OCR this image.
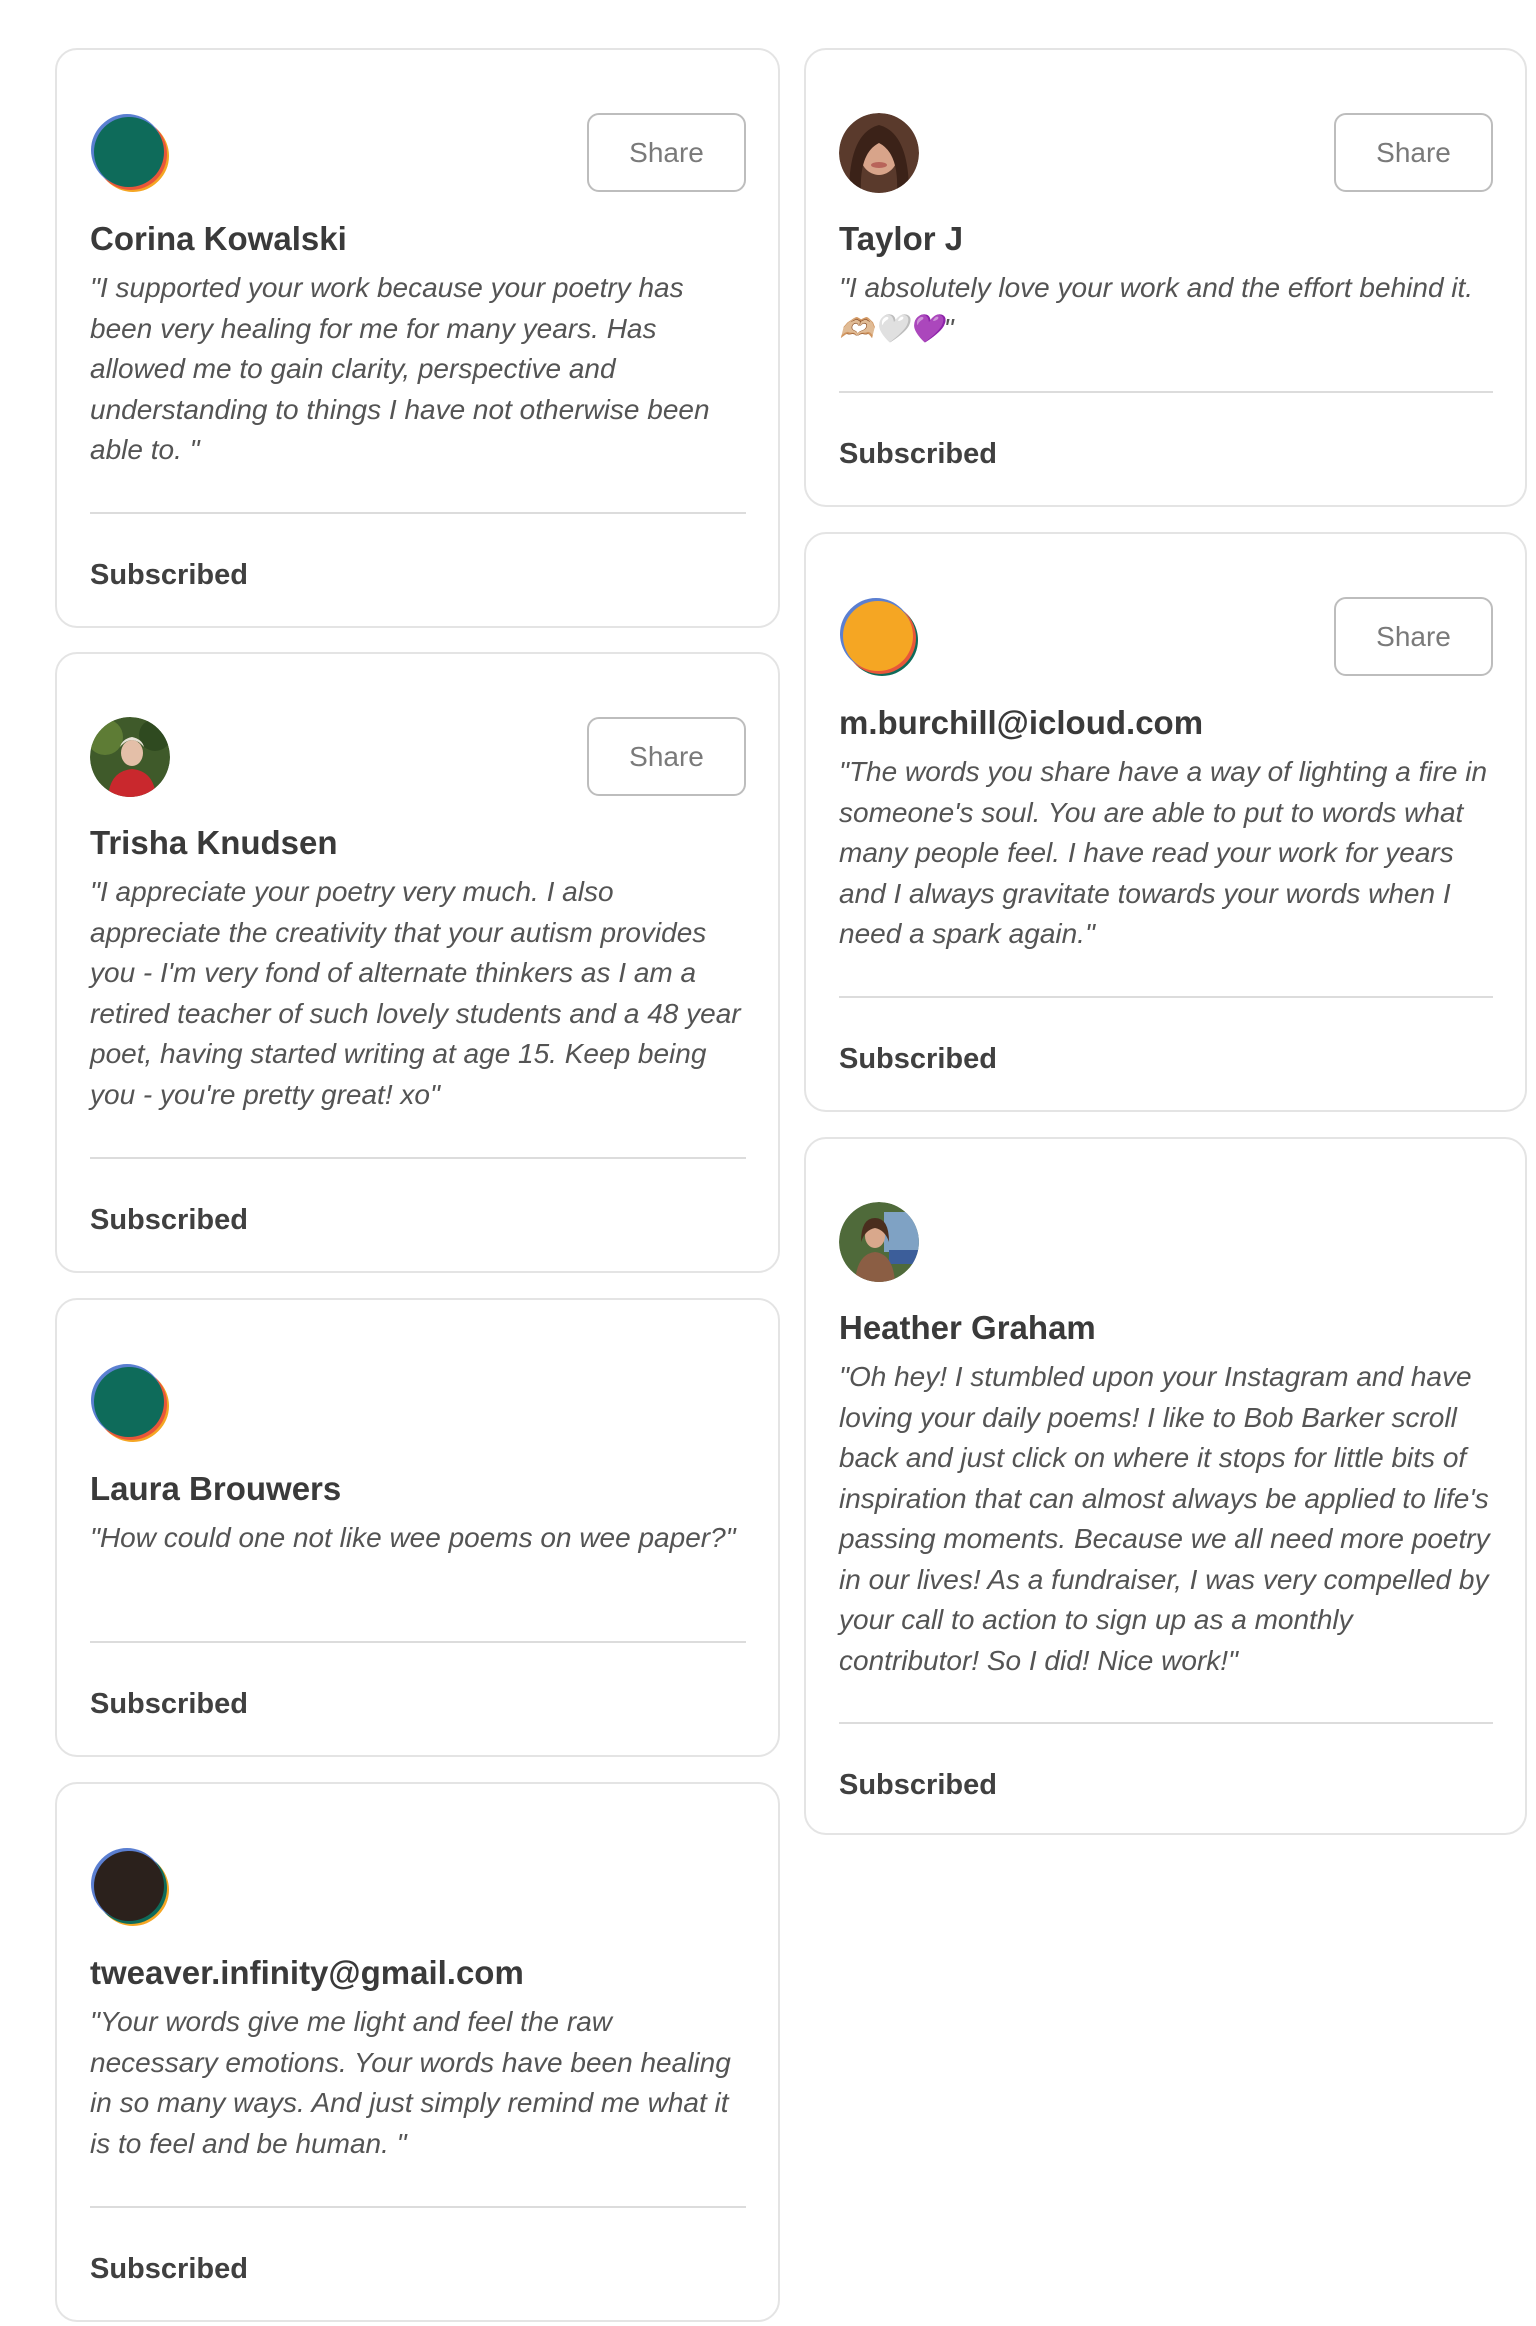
Share
Corina Kowalski
"I supported your work because your poetry has been very healing for me for many years. Has allowed me to gain clarity, perspective and understanding to things I have not otherwise been able to. "
Subscribed
Share
Taylor J
"I absolutely love your work and the effort behind it. 🫶🏼🤍💜"
Subscribed
Share
m.burchill@icloud.com
"The words you share have a way of lighting a fire in someone's soul. You are able to put to words what many people feel. I have read your work for years and I always gravitate towards your words when I need a spark again."
Subscribed
Share
Trisha Knudsen
"I appreciate your poetry very much. I also appreciate the creativity that your autism provides you - I'm very fond of alternate thinkers as I am a retired teacher of such lovely students and a 48 year poet, having started writing at age 15. Keep being you - you're pretty great! xo"
Subscribed
Heather Graham
"Oh hey! I stumbled upon your Instagram and have loving your daily poems! I like to Bob Barker scroll back and just click on where it stops for little bits of inspiration that can almost always be applied to life's passing moments. Because we all need more poetry in our lives! As a fundraiser, I was very compelled by your call to action to sign up as a monthly contributor! So I did! Nice work!"
Subscribed
Laura Brouwers
"How could one not like wee poems on wee paper?"
Subscribed
tweaver.infinity@gmail.com
"Your words give me light and feel the raw necessary emotions. Your words have been healing in so many ways. And just simply remind me what it is to feel and be human. "
Subscribed
